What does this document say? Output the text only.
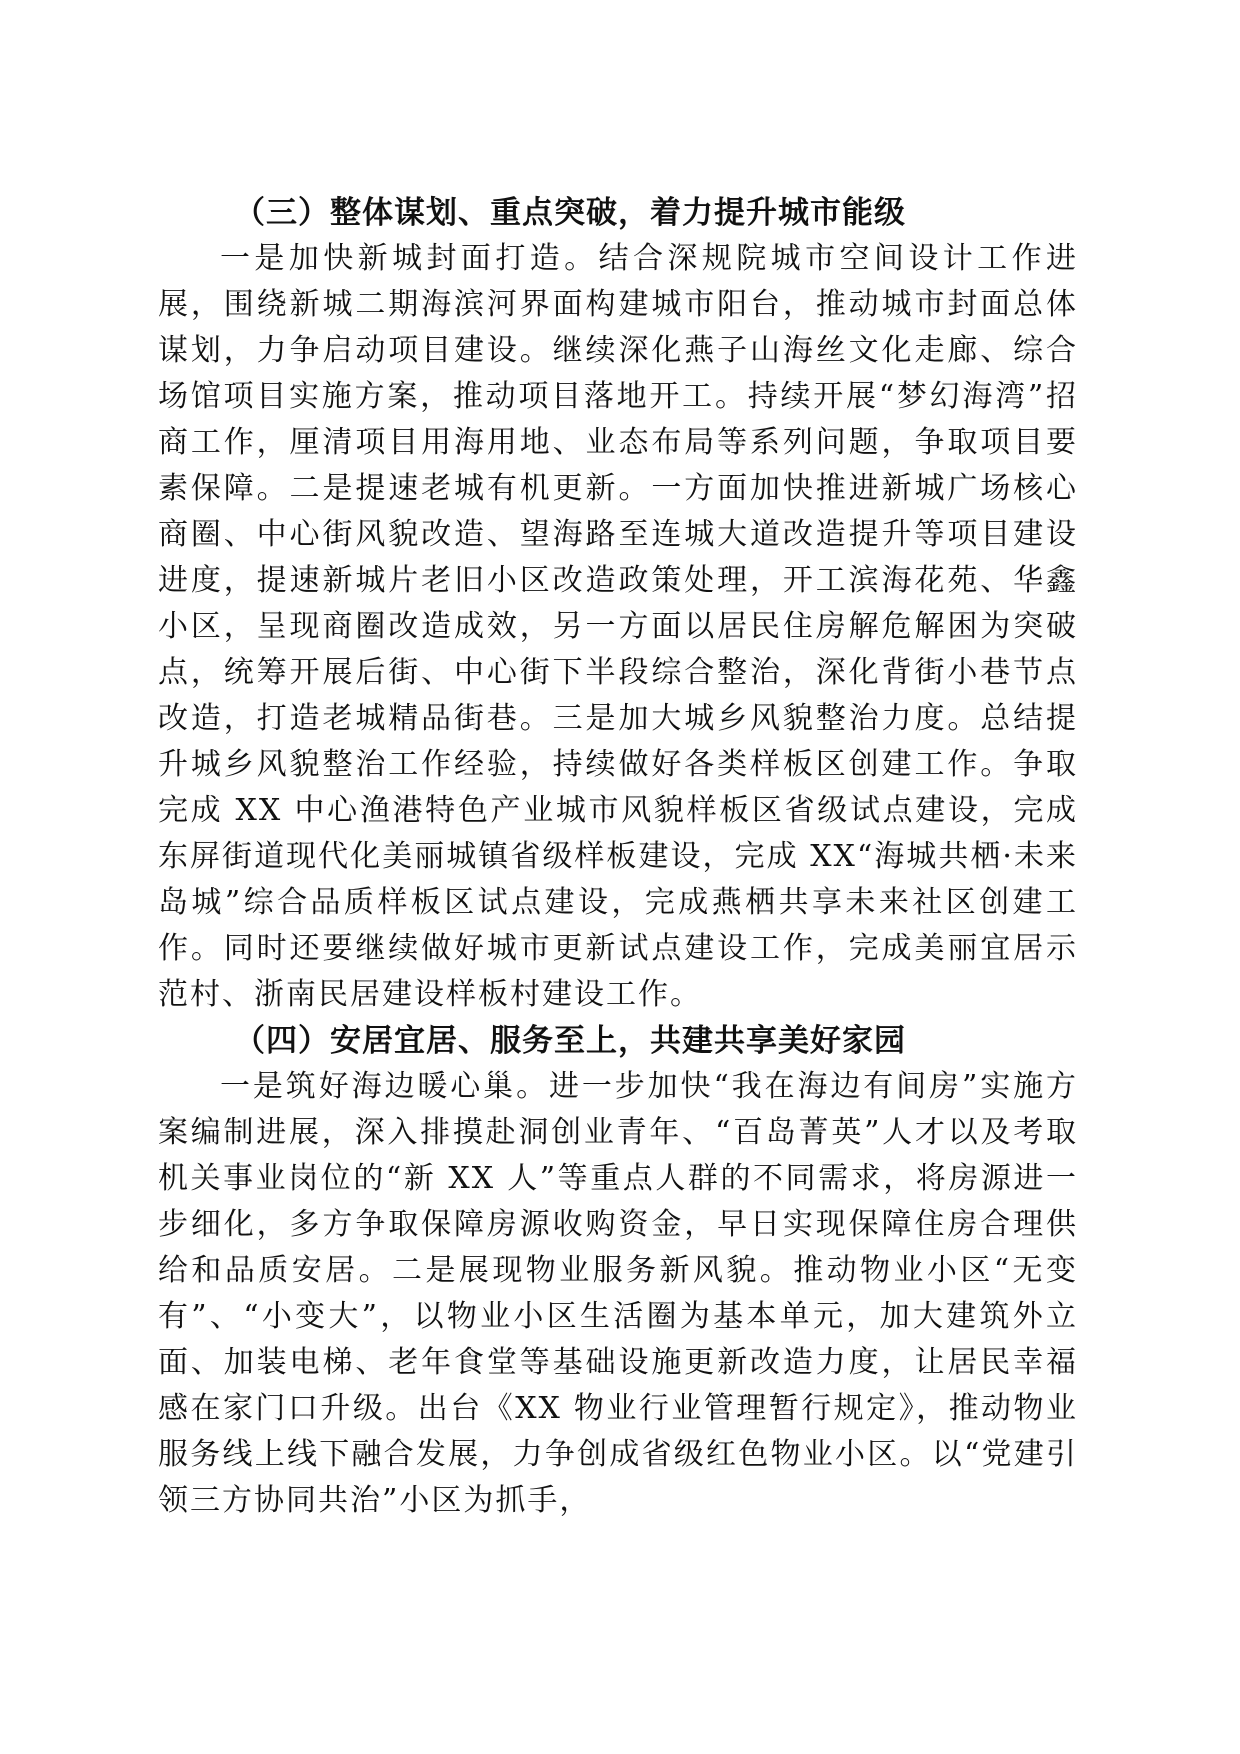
（三）整体谋划、重点突破，着力提升城市能级

一是加快新城封面打造。结合深规院城市空间设计工作进展，围绕新城二期海滨河界面构建城市阳台，推动城市封面总体谋划，力争启动项目建设。继续深化燕子山海丝文化走廊、综合场馆项目实施方案，推动项目落地开工。持续开展“梦幻海湾”招商工作，厘清项目用海用地、业态布局等系列问题，争取项目要素保障。二是提速老城有机更新。一方面加快推进新城广场核心商圈、中心街风貌改造、望海路至连城大道改造提升等项目建设进度，提速新城片老旧小区改造政策处理，开工滨海花苑、华鑫小区，呈现商圈改造成效，另一方面以居民住房解危解困为突破点，统筹开展后街、中心街下半段综合整治，深化背街小巷节点改造，打造老城精品街巷。三是加大城乡风貌整治力度。总结提升城乡风貌整治工作经验，持续做好各类样板区创建工作。争取完成 XX 中心渔港特色产业城市风貌样板区省级试点建设，完成东屏街道现代化美丽城镇省级样板建设，完成 XX“海城共栖·未来岛城”综合品质样板区试点建设，完成燕栖共享未来社区创建工作。同时还要继续做好城市更新试点建设工作，完成美丽宜居示范村、浙南民居建设样板村建设工作。

（四）安居宜居、服务至上，共建共享美好家园

一是筑好海边暖心巢。进一步加快“我在海边有间房”实施方案编制进展，深入排摸赴洞创业青年、“百岛菁英”人才以及考取机关事业岗位的“新 XX 人”等重点人群的不同需求，将房源进一步细化，多方争取保障房源收购资金，早日实现保障住房合理供给和品质安居。二是展现物业服务新风貌。推动物业小区“无变有”、“小变大”，以物业小区生活圈为基本单元，加大建筑外立面、加装电梯、老年食堂等基础设施更新改造力度，让居民幸福感在家门口升级。出台《XX 物业行业管理暂行规定》，推动物业服务线上线下融合发展，力争创成省级红色物业小区。以“党建引领三方协同共治”小区为抓手，
